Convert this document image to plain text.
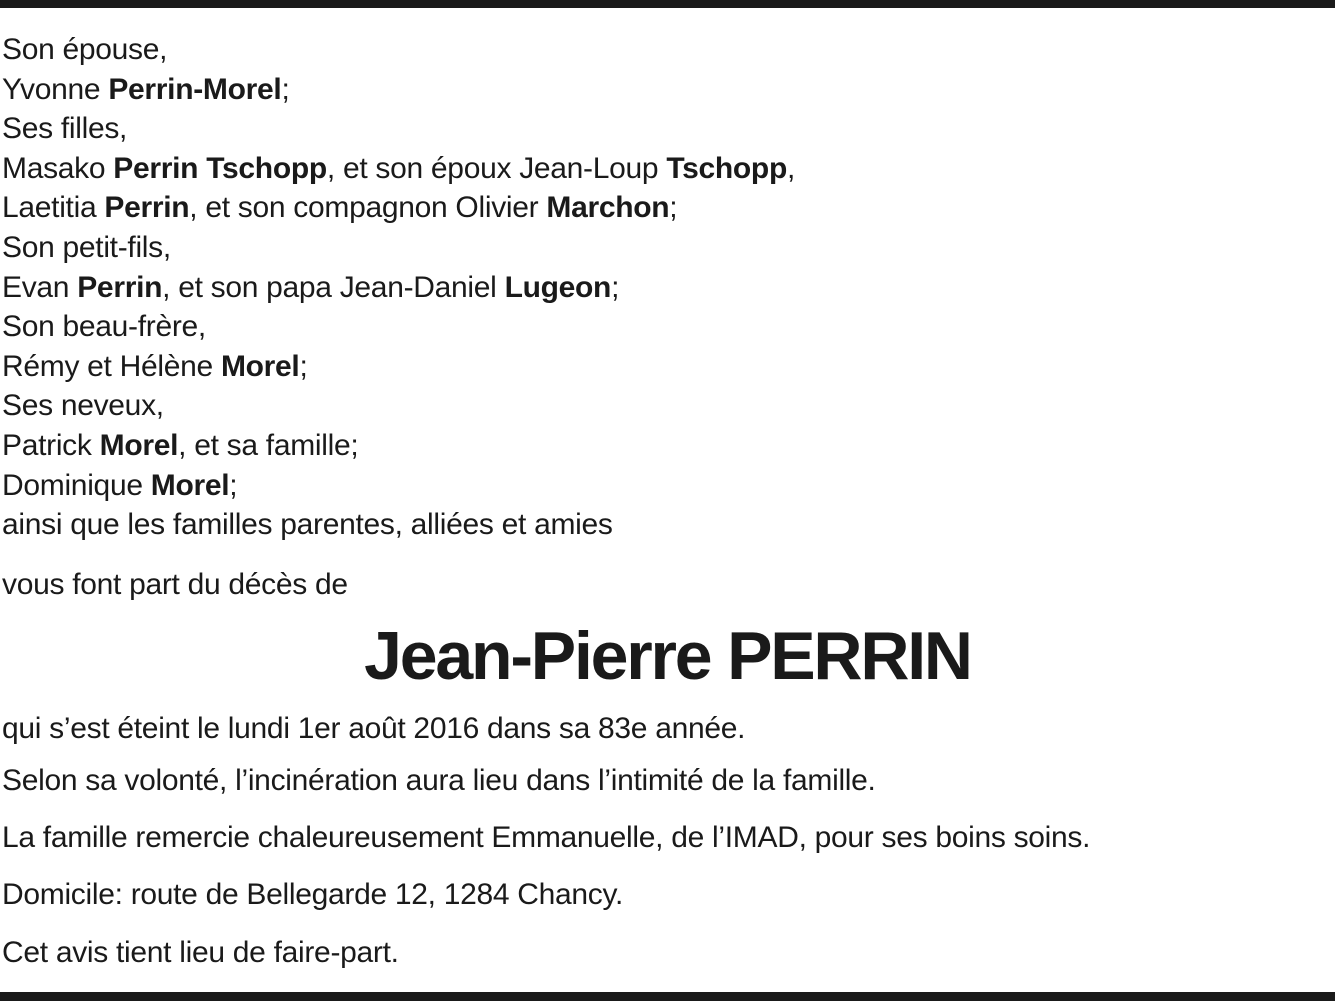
Son épouse,
Yvonne Perrin-Morel;
Ses filles,
Masako Perrin Tschopp, et son époux Jean-Loup Tschopp,
Laetitia Perrin, et son compagnon Olivier Marchon;
Son petit-fils,
Evan Perrin, et son papa Jean-Daniel Lugeon;
Son beau-frère,
Rémy et Hélène Morel;
Ses neveux,
Patrick Morel, et sa famille;
Dominique Morel;
ainsi que les familles parentes, alliées et amies

vous font part du décès de

Jean-Pierre PERRIN

qui s’est éteint le lundi 1er août 2016 dans sa 83e année.

Selon sa volonté, l’incinération aura lieu dans l’intimité de la famille.

La famille remercie chaleureusement Emmanuelle, de l’IMAD, pour ses boins soins.

Domicile: route de Bellegarde 12, 1284 Chancy.

Cet avis tient lieu de faire-part.
